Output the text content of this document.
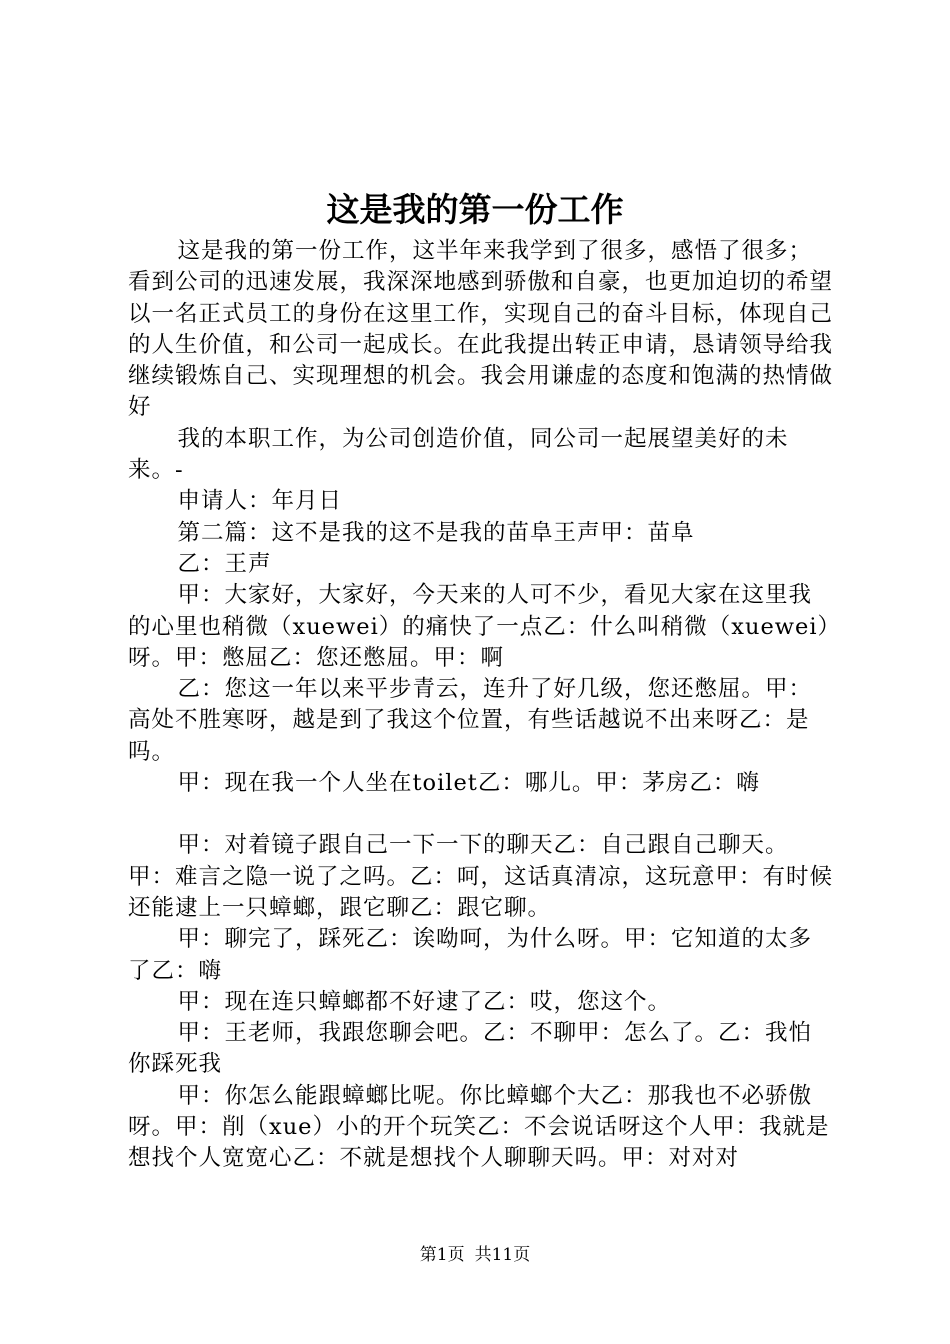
这是我的第一份工作

这是我的第一份工作，这半年来我学到了很多，感悟了很多；看到公司的迅速发展，我深深地感到骄傲和自豪，也更加迫切的希望以一名正式员工的身份在这里工作，实现自己的奋斗目标，体现自己的人生价值，和公司一起成长。在此我提出转正申请，恳请领导给我继续锻炼自己、实现理想的机会。我会用谦虚的态度和饱满的热情做好

我的本职工作，为公司创造价值，同公司一起展望美好的未来。-

申请人：年月日

第二篇：这不是我的这不是我的苗阜王声甲：苗阜

乙：王声

甲：大家好，大家好，今天来的人可不少，看见大家在这里我的心里也稍微（xuewei）的痛快了一点乙：什么叫稍微（xuewei）呀。甲：憋屈乙：您还憋屈。甲：啊

乙：您这一年以来平步青云，连升了好几级，您还憋屈。甲：高处不胜寒呀，越是到了我这个位置，有些话越说不出来呀乙：是吗。

甲：现在我一个人坐在toilet乙：哪儿。甲：茅房乙：嗨

甲：对着镜子跟自己一下一下的聊天乙：自己跟自己聊天。甲：难言之隐一说了之吗。乙：呵，这话真清凉，这玩意甲：有时候还能逮上一只蟑螂，跟它聊乙：跟它聊。

甲：聊完了，踩死乙：诶呦呵，为什么呀。甲：它知道的太多了乙：嗨

甲：现在连只蟑螂都不好逮了乙：哎，您这个。

甲：王老师，我跟您聊会吧。乙：不聊甲：怎么了。乙：我怕你踩死我

甲：你怎么能跟蟑螂比呢。你比蟑螂个大乙：那我也不必骄傲呀。甲：削（xue）小的开个玩笑乙：不会说话呀这个人甲：我就是想找个人宽宽心乙：不就是想找个人聊聊天吗。甲：对对对

第1页 共11页
